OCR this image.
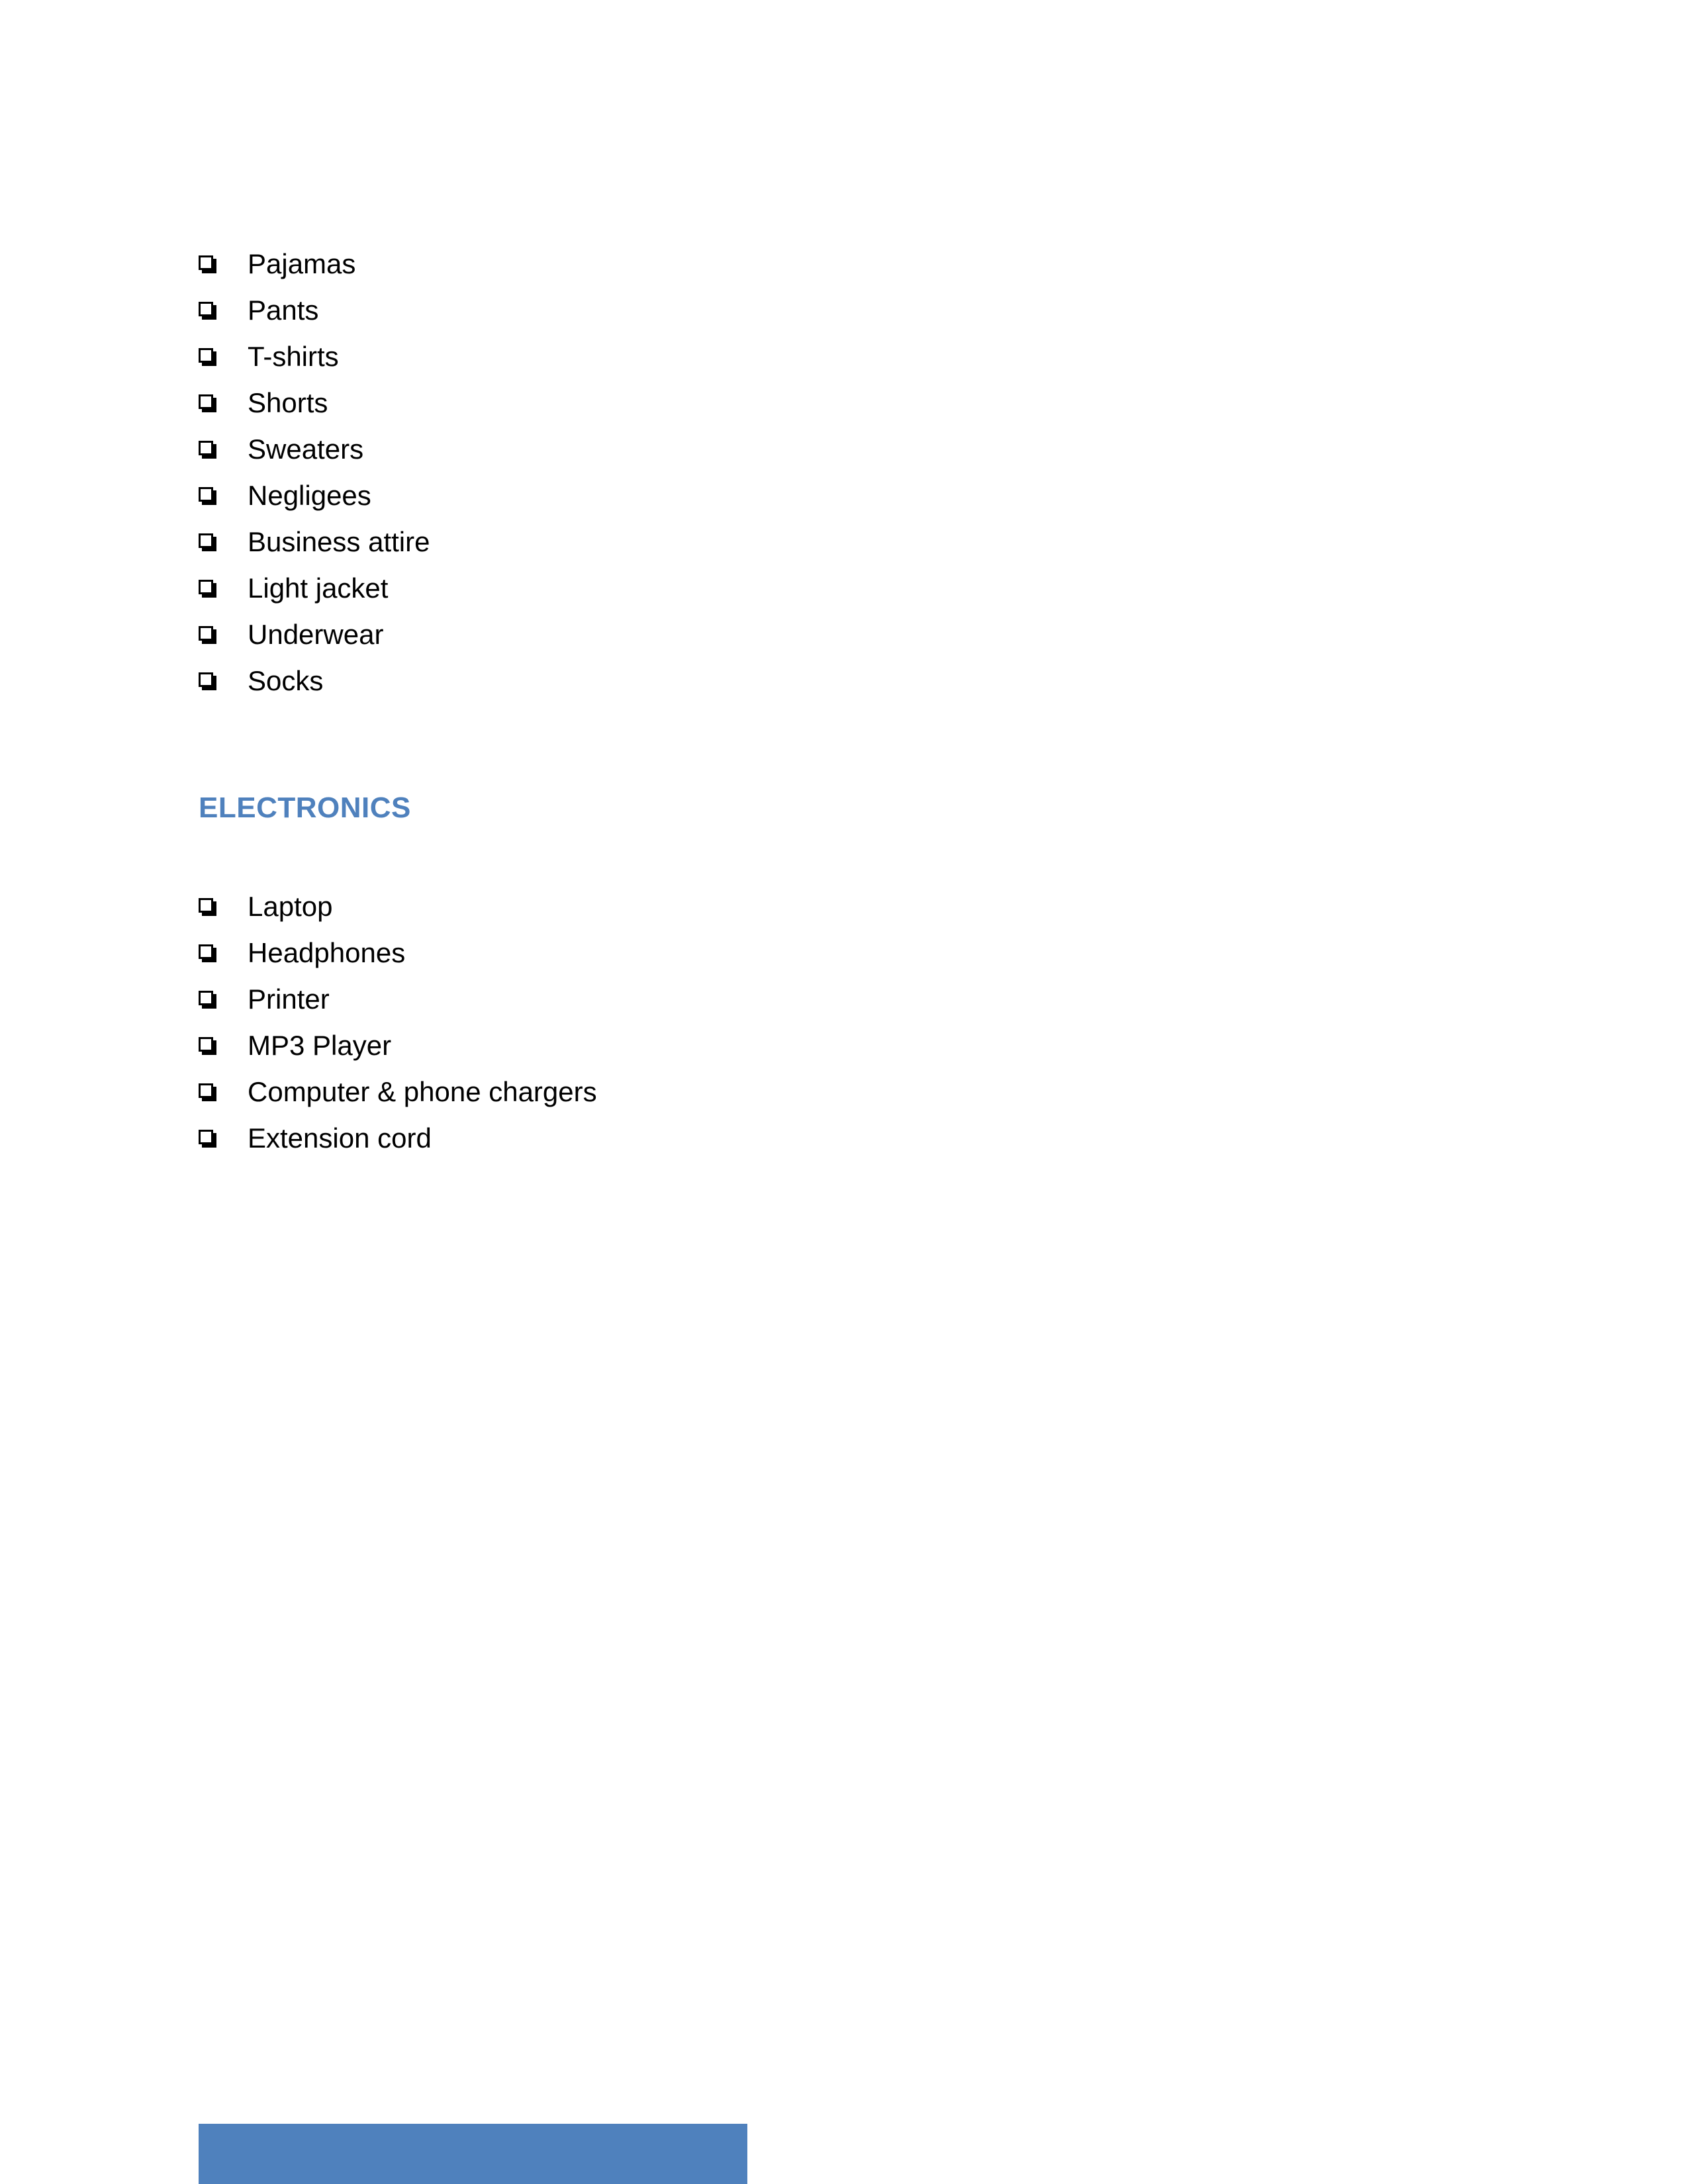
Pajamas
Pants
T-shirts
Shorts
Sweaters
Negligees
Business attire
Light jacket
Underwear
Socks
ELECTRONICS
Laptop
Headphones
Printer
MP3 Player
Computer & phone chargers
Extension cord
